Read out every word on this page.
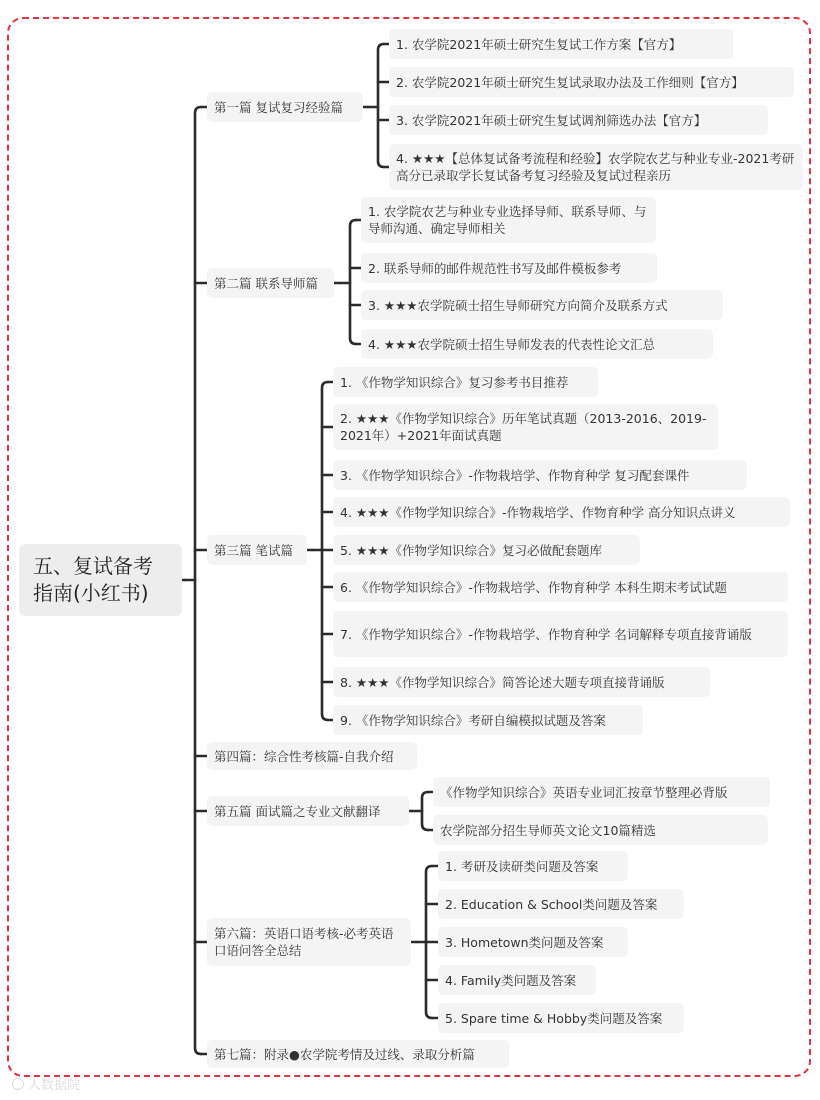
五、复试备考指南(小红书)
第一篇 复试复习经验篇
1. 农学院2021年硕士研究生复试工作方案【官方】
2. 农学院2021年硕士研究生复试录取办法及工作细则【官方】
3. 农学院2021年硕士研究生复试调剂筛选办法【官方】
4. ★★★【总体复试备考流程和经验】农学院农艺与种业专业-2021考研高分已录取学长复试备考复习经验及复试过程亲历
第二篇 联系导师篇
1. 农学院农艺与种业专业选择导师、联系导师、与导师沟通、确定导师相关
2. 联系导师的邮件规范性书写及邮件模板参考
3. ★★★农学院硕士招生导师研究方向简介及联系方式
4. ★★★农学院硕士招生导师发表的代表性论文汇总
第三篇 笔试篇
1. 《作物学知识综合》复习参考书目推荐
2. ★★★《作物学知识综合》历年笔试真题（2013-2016、2019-2021年）+2021年面试真题
3. 《作物学知识综合》-作物栽培学、作物育种学 复习配套课件
4. ★★★《作物学知识综合》-作物栽培学、作物育种学 高分知识点讲义
5. ★★★《作物学知识综合》复习必做配套题库
6. 《作物学知识综合》-作物栽培学、作物育种学 本科生期末考试试题
7. 《作物学知识综合》-作物栽培学、作物育种学 名词解释专项直接背诵版
8. ★★★《作物学知识综合》简答论述大题专项直接背诵版
9. 《作物学知识综合》考研自编模拟试题及答案
第四篇：综合性考核篇-自我介绍
第五篇 面试篇之专业文献翻译
《作物学知识综合》英语专业词汇按章节整理必背版
农学院部分招生导师英文论文10篇精选
第六篇：英语口语考核-必考英语口语问答全总结
1. 考研及读研类问题及答案
2. Education & School类问题及答案
3. Hometown类问题及答案
4. Family类问题及答案
5. Spare time & Hobby类问题及答案
第七篇：附录●农学院考情及过线、录取分析篇
人数据院
